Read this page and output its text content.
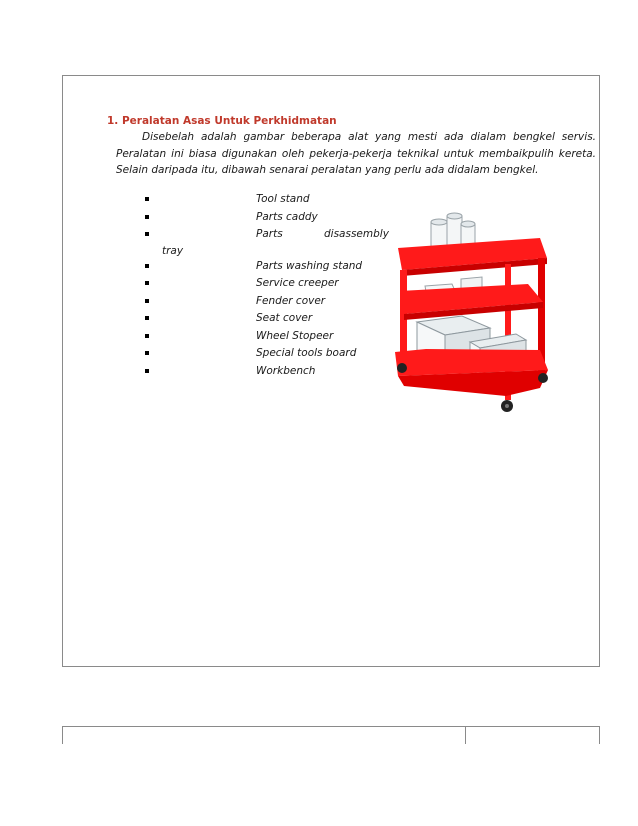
1. Peralatan Asas Untuk Perkhidmatan

Disebelah adalah gambar beberapa alat yang mesti ada dialam bengkel servis. Peralatan ini biasa digunakan oleh pekerja-pekerja teknikal untuk membaikpulih kereta. Selain daripada itu, dibawah senarai peralatan yang perlu ada didalam bengkel.

Tool stand
Parts caddy
Parts disassembly
tray
Parts washing stand
Service creeper
Fender cover
Seat cover
Wheel Stopeer
Special tools board
Workbench
